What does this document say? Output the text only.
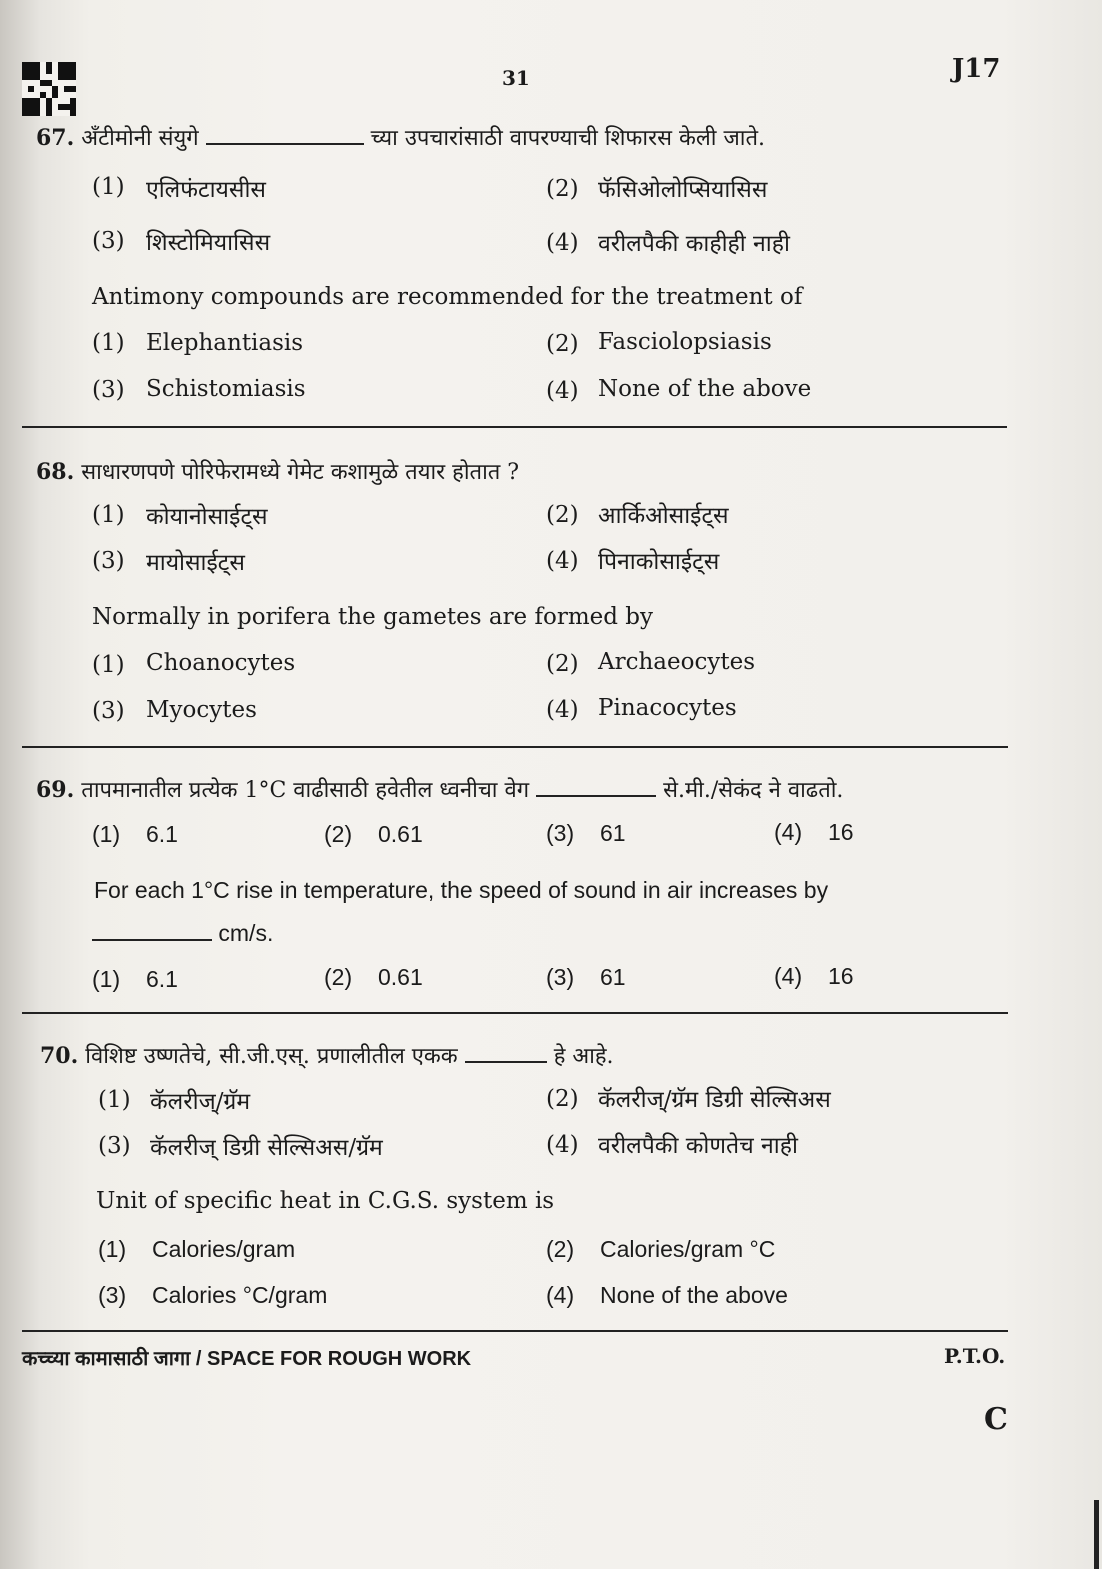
31	J17
67. अँटीमोनी संयुगे	च्या उपचारांसाठी वापरण्याची शिफारस केली जाते.
(1) एलिफंटायसीस	(2) फॅसिओलोप्सियासिस
(3) शिस्टोमियासिस	(4) वरीलपैकी काहीही नाही
Antimony compounds are recommended for the treatment of
(1) Elephantiasis	(2) Fasciolopsiasis
(3) Schistomiasis	(4) None of the above
68. साधारणपणे पोरिफेरामध्ये गेमेट कशामुळे तयार होतात ?
(1) कोयानोसाईट्स	(2) आर्किओसाईट्स
(3) मायोसाईट्स	(4) पिनाकोसाईट्स
Normally in porifera the gametes are formed by
(1) Choanocytes	(2) Archaeocytes
(3) Myocytes	(4) Pinacocytes
69. तापमानातील प्रत्येक 1°C वाढीसाठी हवेतील ध्वनीचा वेग	से.मी./सेकंद ने वाढतो.
(1) 6.1	(2) 0.61	(3) 61	(4) 16
For each 1°C rise in temperature, the speed of sound in air increases by
cm/s.
(1) 6.1	(2) 0.61	(3) 61	(4) 16
70. विशिष्ट उष्णतेचे, सी.जी.एस्. प्रणालीतील एकक	हे आहे.
(1) कॅलरीज्/ग्रॅम	(2) कॅलरीज्/ग्रॅम डिग्री सेल्सिअस
(3) कॅलरीज् डिग्री सेल्सिअस/ग्रॅम	(4) वरीलपैकी कोणतेच नाही
Unit of specific heat in C.G.S. system is
(1) Calories/gram	(2) Calories/gram °C
(3) Calories °C/gram	(4) None of the above
कच्च्या कामासाठी जागा / SPACE FOR ROUGH WORK	P.T.O.
C
